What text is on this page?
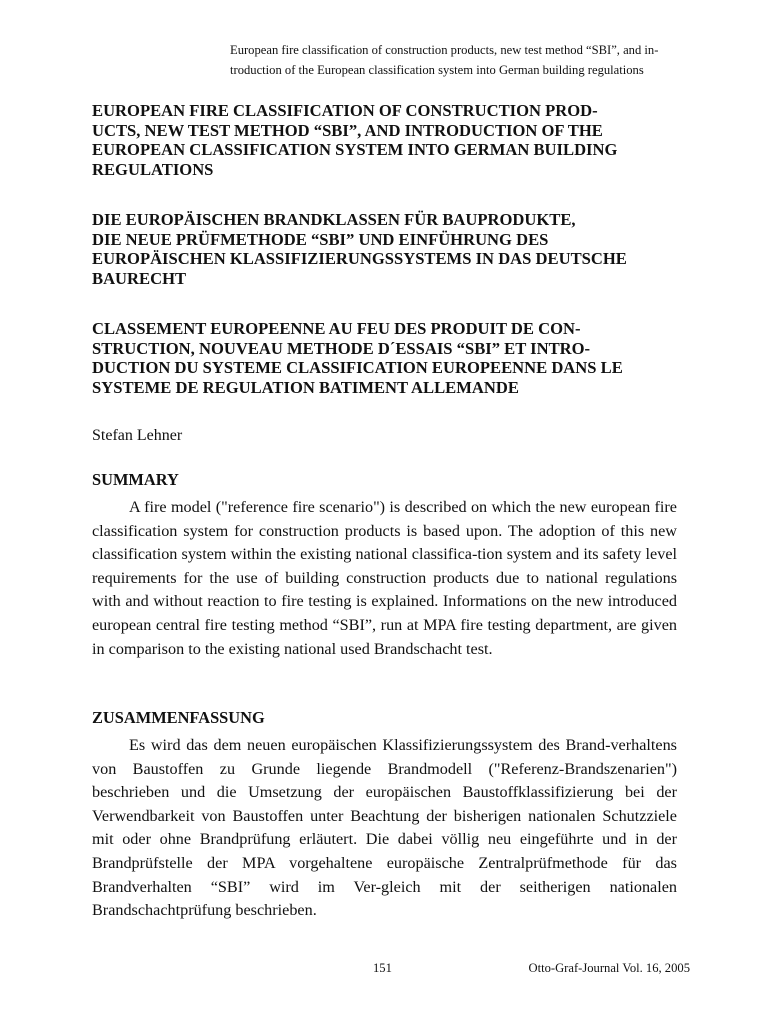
European fire classification of construction products, new test method “SBI”, and in-
troduction of the European classification system into German building regulations
EUROPEAN FIRE CLASSIFICATION OF CONSTRUCTION PROD-
UCTS, NEW TEST METHOD “SBI”, AND INTRODUCTION OF THE
EUROPEAN CLASSIFICATION SYSTEM INTO GERMAN BUILDING
REGULATIONS
DIE EUROPÄISCHEN BRANDKLASSEN FÜR BAUPRODUKTE,
DIE NEUE PRÜFMETHODE “SBI” UND EINFÜHRUNG DES
EUROPÄISCHEN KLASSIFIZIERUNGSSYSTEMS IN DAS DEUTSCHE
BAURECHT
CLASSEMENT EUROPEENNE AU FEU DES PRODUIT DE CON-
STRUCTION, NOUVEAU METHODE D´ESSAIS “SBI” ET INTRO-
DUCTION DU SYSTEME CLASSIFICATION EUROPEENNE DANS LE
SYSTEME DE REGULATION BATIMENT ALLEMANDE
Stefan Lehner
SUMMARY

A fire model ("reference fire scenario") is described on which the new european fire classification system for construction products is based upon. The adoption of this new classification system within the existing national classifica-tion system and its safety level requirements for the use of building construction products due to national regulations with and without reaction to fire testing is explained. Informations on the new introduced european central fire testing method “SBI”, run at MPA fire testing department, are given in comparison to the existing national used Brandschacht test.

ZUSAMMENFASSUNG

Es wird das dem neuen europäischen Klassifizierungssystem des Brand-verhaltens von Baustoffen zu Grunde liegende Brandmodell ("Referenz-Brandszenarien") beschrieben und die Umsetzung der europäischen Baustoffklassifizierung bei der Verwendbarkeit von Baustoffen unter Beachtung der bisherigen nationalen Schutzziele mit oder ohne Brandprüfung erläutert. Die dabei völlig neu eingeführte und in der Brandprüfstelle der MPA vorgehaltene europäische Zentralprüfmethode für das Brandverhalten “SBI” wird im Ver-gleich mit der seitherigen nationalen Brandschachtprüfung beschrieben.

151	Otto-Graf-Journal Vol. 16, 2005
